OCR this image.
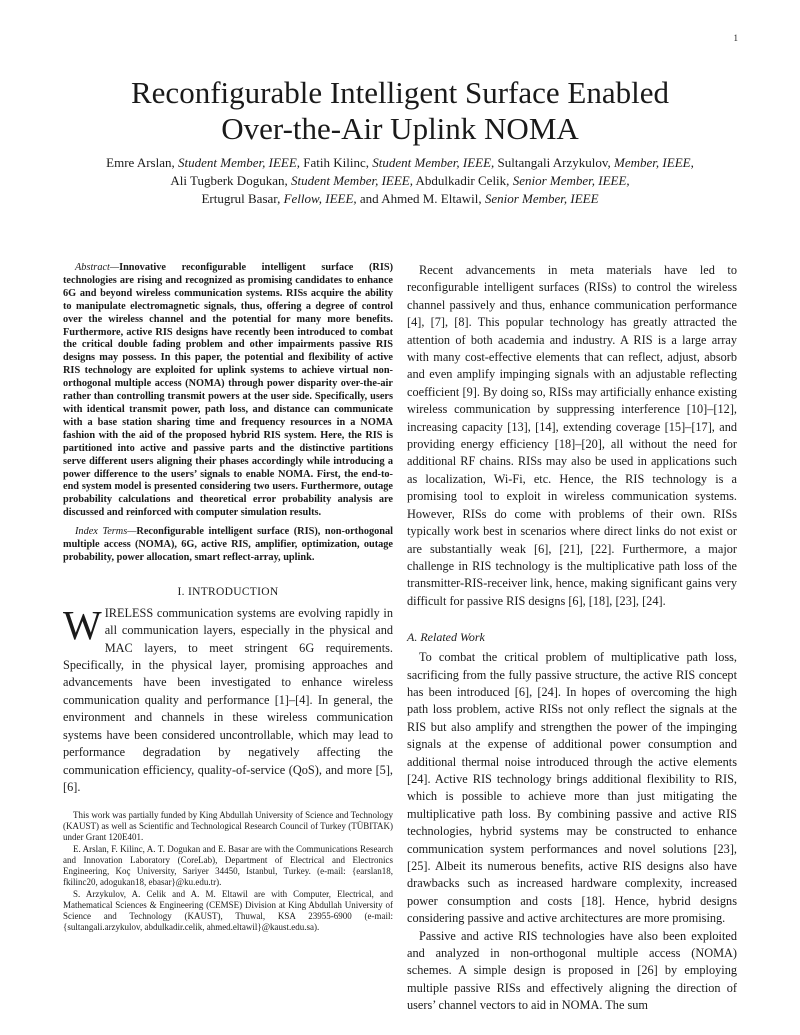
1
Reconfigurable Intelligent Surface Enabled
Over-the-Air Uplink NOMA
Emre Arslan, Student Member, IEEE, Fatih Kilinc, Student Member, IEEE, Sultangali Arzykulov, Member, IEEE,
Ali Tugberk Dogukan, Student Member, IEEE, Abdulkadir Celik, Senior Member, IEEE,
Ertugrul Basar, Fellow, IEEE, and Ahmed M. Eltawil, Senior Member, IEEE

Abstract—Innovative reconfigurable intelligent surface (RIS) technologies are rising and recognized as promising candidates to enhance 6G and beyond wireless communication systems. RISs acquire the ability to manipulate electromagnetic signals, thus, offering a degree of control over the wireless channel and the potential for many more benefits. Furthermore, active RIS designs have recently been introduced to combat the critical double fading problem and other impairments passive RIS designs may possess. In this paper, the potential and flexibility of active RIS technology are exploited for uplink systems to achieve virtual non-orthogonal multiple access (NOMA) through power disparity over-the-air rather than controlling transmit powers at the user side. Specifically, users with identical transmit power, path loss, and distance can communicate with a base station sharing time and frequency resources in a NOMA fashion with the aid of the proposed hybrid RIS system. Here, the RIS is partitioned into active and passive parts and the distinctive partitions serve different users aligning their phases accordingly while introducing a power difference to the users’ signals to enable NOMA. First, the end-to-end system model is presented considering two users. Furthermore, outage probability calculations and theoretical error probability analysis are discussed and reinforced with computer simulation results.

Index Terms—Reconfigurable intelligent surface (RIS), non-orthogonal multiple access (NOMA), 6G, active RIS, amplifier, optimization, outage probability, power allocation, smart reflect-array, uplink.

I. INTRODUCTION

WIRELESS communication systems are evolving rapidly in all communication layers, especially in the physical and MAC layers, to meet stringent 6G requirements. Specifically, in the physical layer, promising approaches and advancements have been investigated to enhance wireless communication quality and performance [1]–[4]. In general, the environment and channels in these wireless communication systems have been considered uncontrollable, which may lead to performance degradation by negatively affecting the communication efficiency, quality-of-service (QoS), and more [5], [6].

This work was partially funded by King Abdullah University of Science and Technology (KAUST) as well as Scientific and Technological Research Council of Turkey (TÜBITAK) under Grant 120E401.

E. Arslan, F. Kilinc, A. T. Dogukan and E. Basar are with the Communications Research and Innovation Laboratory (CoreLab), Department of Electrical and Electronics Engineering, Koç University, Sariyer 34450, Istanbul, Turkey. (e-mail: {earslan18, fkilinc20, adogukan18, ebasar}@ku.edu.tr).

S. Arzykulov, A. Celik and A. M. Eltawil are with Computer, Electrical, and Mathematical Sciences & Engineering (CEMSE) Division at King Abdullah University of Science and Technology (KAUST), Thuwal, KSA 23955-6900 (e-mail: {sultangali.arzykulov, abdulkadir.celik, ahmed.eltawil}@kaust.edu.sa).

Recent advancements in meta materials have led to reconfigurable intelligent surfaces (RISs) to control the wireless channel passively and thus, enhance communication performance [4], [7], [8]. This popular technology has greatly attracted the attention of both academia and industry. A RIS is a large array with many cost-effective elements that can reflect, adjust, absorb and even amplify impinging signals with an adjustable reflecting coefficient [9]. By doing so, RISs may artificially enhance existing wireless communication by suppressing interference [10]–[12], increasing capacity [13], [14], extending coverage [15]–[17], and providing energy efficiency [18]–[20], all without the need for additional RF chains. RISs may also be used in applications such as localization, Wi-Fi, etc. Hence, the RIS technology is a promising tool to exploit in wireless communication systems. However, RISs do come with problems of their own. RISs typically work best in scenarios where direct links do not exist or are substantially weak [6], [21], [22]. Furthermore, a major challenge in RIS technology is the multiplicative path loss of the transmitter-RIS-receiver link, hence, making significant gains very difficult for passive RIS designs [6], [18], [23], [24].

A. Related Work

To combat the critical problem of multiplicative path loss, sacrificing from the fully passive structure, the active RIS concept has been introduced [6], [24]. In hopes of overcoming the high path loss problem, active RISs not only reflect the signals at the RIS but also amplify and strengthen the power of the impinging signals at the expense of additional power consumption and additional thermal noise introduced through the active elements [24]. Active RIS technology brings additional flexibility to RIS, which is possible to achieve more than just mitigating the multiplicative path loss. By combining passive and active RIS technologies, hybrid systems may be constructed to enhance communication system performances and novel solutions [23], [25]. Albeit its numerous benefits, active RIS designs also have drawbacks such as increased hardware complexity, increased power consumption and costs [18]. Hence, hybrid designs considering passive and active architectures are more promising.

Passive and active RIS technologies have also been exploited and analyzed in non-orthogonal multiple access (NOMA) schemes. A simple design is proposed in [26] by employing multiple passive RISs and effectively aligning the direction of users’ channel vectors to aid in NOMA. The sum
